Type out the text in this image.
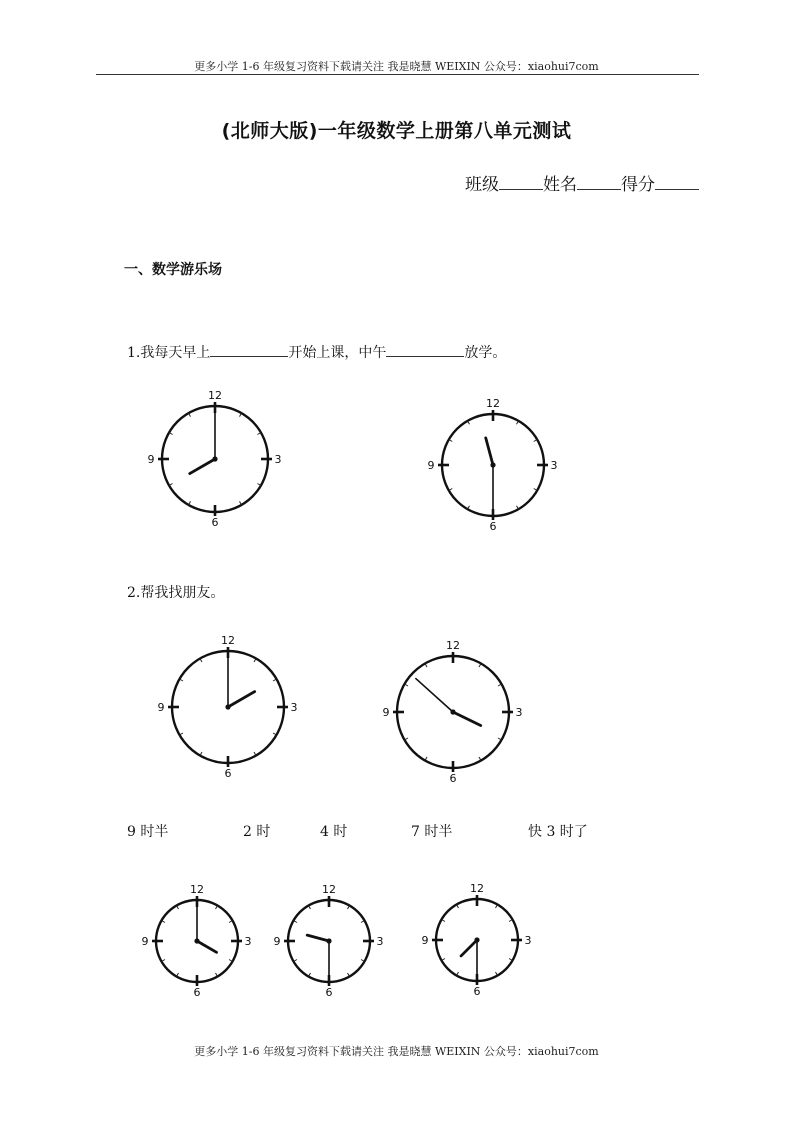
更多小学 1-6 年级复习资料下载请关注 我是晓慧 WEIXIN 公众号：xiaohui7com
(北师大版)一年级数学上册第八单元测试
班级	姓名	得分
一、数学游乐场
1.我每天早上	开始上课，中午	放学。
12
3
6
9
12
3
6
9
2.帮我找朋友。
12
3
6
9
12
3
6
9
9 时半	2 时	4 时	7 时半	快 3 时了
12
3
6
9
12
3
6
9
12
3
6
9
更多小学 1-6 年级复习资料下载请关注 我是晓慧 WEIXIN 公众号：xiaohui7com
